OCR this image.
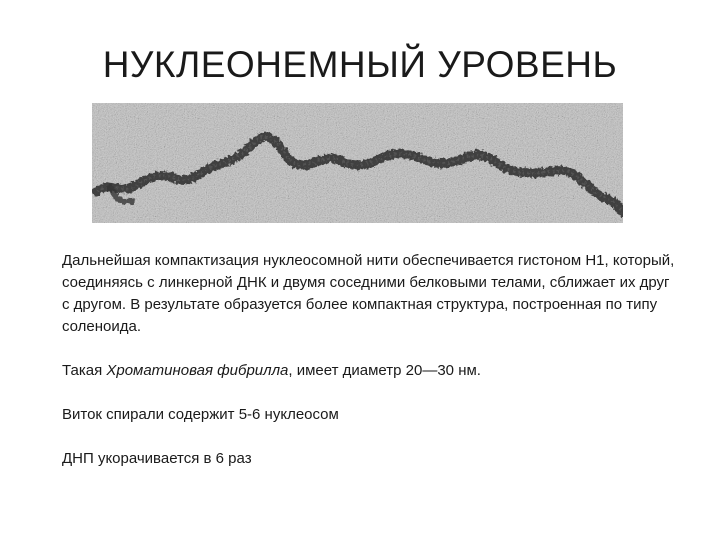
НУКЛЕОНЕМНЫЙ УРОВЕНЬ

Дальнейшая компактизация нуклеосомной нити обеспечивается гистоном Н1, который, соединяясь с линкерной ДНК и двумя соседними белковыми телами, сближает их друг с другом. В результате образуется более компактная структура, построенная по типу соленоида.

Такая Хроматиновая фибрилла, имеет диаметр 20—30 нм.

Виток спирали содержит 5-6 нуклеосом

ДНП укорачивается в 6 раз
